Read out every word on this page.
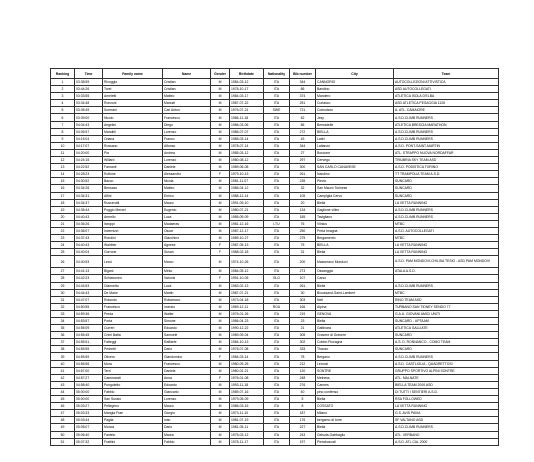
Ranking	Time	Family name	Name	Gender	Birthdate	Nationality	Bib number	City	Team
1	03:38:59	Rivoggio	Cristian	M	1984-03-12	ITA	344	CANNORIO	AUTOCOLLEZIONI ATTIVISTICA
2	03:44:26	Torel	Cristian	M	1978-10-17	ITA	86	Bandino	ASD AUTOCOLLEGATI
3	03:33:55	Ameletti	Matteo	M	1984-03-17	ITA	374	Mandero	ATLETICA ISOLA D'ELBA
4	03:34:48	Ronzoni	Manuel	M	1987-07-22	ITA	251	Curiasco	ASD ATLETICA PESAGGIA 1126
5	03:35:49	Sormani	Carl Anton	M	1976-07-21	SWE	721	Comodaro	A. ATL. CAMAIORE
6	03:39:00	Nicolo	Francesco	M	1986-11-18	ITA	62	Jesy	A.S.D.CLIMB RUNNERS
7	04:04:43	Angelini	Diego	M	1986-03-06	ITA	86	Bernadelle	ATLETICA BRESCIA MARATHON
8	04:05:57	Mandirli	Lorenzo	M	1986-07-07	ITA	272	BIELLA	A.S.D.CLIMB RUNNERS
9	04:15:04	Oriana	Franco	M	1985-03-14	ITA	43	Lattri	A.S.D.CLIMB RUNNERS
10	04:17:07	Rossano	Alfonso	M	1978-07-14	ITA	344	Lattanzo	A.S.D. PONT-SAINT-MARTIN
11	04:20:00	Pia	Andrea	M	1985-03-12	ITA	27	Boscone	ATL. STRAPPO NUOVA NORDAFFAR
12	04:24:15	Willard	Lorenzo	M	1980-08-12	ITA	297	Cervego	TRIUBRIA SKY TEAM ASD
13	04:22:52	Farnanti	Daniele	M	1989-06-08	ITA	300	SAN CARLO CANAVESE	A.S.D. PODISTICA TORINO
14	04:28:23	Rolfone	Alessandro	F	1979-10-13	ITA	261	Nandino	TT TRAMPOLIA TEAM A.S.D.
15	04:30:52	Bacco	Nicola	M	1981-11-07	ITA	235	Pievio	SUNCARD
16	04:34:26	Bensazo	Matteo	M	1986-04-12	ITA	32	San Mauro Torinese	SUNCARD
17	04:34:31	Alfini	Enrico	M	1988-12-14	ITA	105	Campiglia Cervo	SUNCARD
18	04:34:37	Ruscerutti	Mauro	M	1991-09-10	ITA	20	Biella	LA VETTA RUNNING
19	04:35:44	Poggio Merzel	Eugenio	M	1980-07-21	ITA	134	Gaglione villeo	A.S.D.CLIMB RUNNERS
20	04:40:43	Armello	Luca	M	1985-09-09	ITA	185	Tavigliano	A.S.D.CLIMB RUNNERS
21	04:36:26	Iseoppi	Madaeras	M	1981-12-16	LTU	76	Vilnius	MTBC
22	04:36:07	Invernizzi	Oscar	M	1987-12-17	ITA	250	Preta Imagna	A.S.D. AUTOCOLLEGATI
23	04:37:43	Rondini	Giacchino	M	1989-10-27	ITA	275	Bergamento	MTBC
24	04:40:43	Walriber	Agnese	F	1987-05-13	ITA	75	BIELLA	LA VETTA RUNNING
25	04:40:04	Gorrone	Susan	F	1988-02-18	ITA	31	Biella	LA VETTA RUNNING
26	04:40:53	Lecci	Marco	M	1974-10-26	ITA	200	Masserano Mondovi	A.S.D. PAM MONDOVI-CHILISA TESIO - ASD PAM MONDOVI
27	04:41:13	Bigani	Mirko	M	1984-05-12	ITA	273	Ossanggio	ATALA A.S.D.
28	04:42:23	Schiavoneo	Varonis	F	1991-10-05	SLO	107	Carso	
29	04:44:53	Giannetto	Luca	M	1983-02-13	ITA	261	Biella	A.S.D.CLIMB RUNNERS
30	04:44:43	De Maior	Martin	M	1987-07-21	ITA	30	Bioussand-Saint-Lambert	MTBC
31	04:47:07	Rotondo	Rotiamoco	M	1973-04-18	ITA	303	Nell	RINO TEAM ASD
32	04:50:55	Francesco	Imerzio	M	1969-12-11	ROU	166	Alpina	TURBANO SAN TIDNEY SENDO 77
33	04:59:36	Preda	Walter	M	1976-01-26	ITA	219	GENOVA	G.A.U. GIOVANI AMICI UNITI
34	04:53:57	Porta	Simone	M	1986-04-23	ITA	23	Biella	SUNCARD - UPTAAM
35	04:55:09	Curreri	Edoardo	M	1990-12-22	ITA	21	Gattinara	ATLETICA GALLIATE
36	04:55:45	Crimi Batla	Samuele	M	1989-09-04	ITA	305	Gravere di Gravere	SUNCARD
37	04:55:51	Fatteggi	Raffaele	M	1984-10-13	ITA	302	Cobbe-Piocagna	A.S. D. RONNANCO - COMO TEAM
38	04:55:55	Pedretti	Dario	M	1976-07-08	ITA	333	Thanzo	SUNCARD
39	04:55:59	Olivero	Giandomino	F	1984-03-14	ITA	78	Bergano	A.S.D.CLIMB RUNNERS
40	04:56:56	Mura	Francesco	M	1980-09-25	ITA	212	Leronzi	A.S.D. CASTLIGLIA - QUADRETTOSI
41	04:57:00	Terri	Daniele	M	1980-02-21	ITA	120	SONTRE	GRUPPO SPORTIVO ALPINI SONTRE
42	04:57:27	Cammarati	Anna	F	1976-01-08	ITA	248	Melness	ATL. MALNATE
43	04:58:40	Pungoletto	Edoardo	M	1993-11-18	ITA	276	Cannes	BIELLA TEAM 2000 ASD
44	05:00:00	Fabbio	Giancarlo	M	1989-07-16	ITA	40	pino confenso	DI TUTTI I SENTIERI A.S.D.
45	05:00:00	San Surato	Lorenzo	M	1979-05-09	ITA	5	Biella	RSA FOLLOWED
46	05:03:27	Pellegrino	Mauro	M	1986-03-15	ITA	8	COSSATO	LA VETTA RUNNING
47	05:03:33	Mangia Frae	Giorgio	M	1973-11-10	ITA	187	Milano	G.S. AVIS PAVIA
48	05:03:44	Paglia	Ivan	M	1981-07-19	ITA	176	bergamo di torre	SF VALTANO ASD
49	05:05:07	Monca	Dario	M	1981-05-11	ITA	227	Biella	A.S.D.CLIMB RUNNERS
50	05:06:40	Fantelo	Maura	M	1975-03-12	ITA	243	Gelsola-Gabbaglio	ATL. VERBANO
51	05:07:32	Frattiini	Fabbio	M	1978-11-17	ITA	197	Pieraboscati	A.S.D. ATL CAL 2000
